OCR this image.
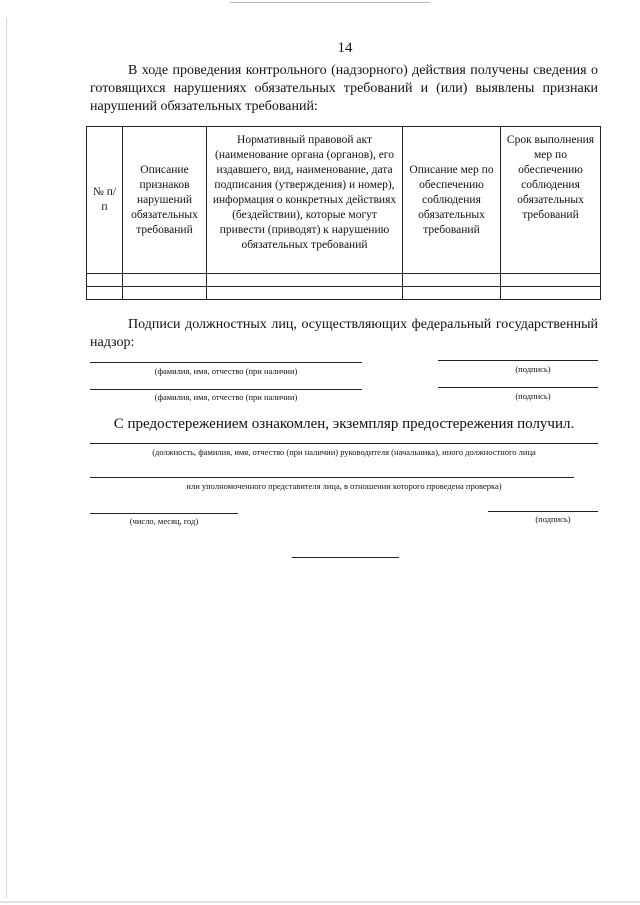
14

В ходе проведения контрольного (надзорного) действия получены сведения о готовящихся нарушениях обязательных требований и (или) выявлены признаки нарушений обязательных требований:

№ п/п	Описание признаков нарушений обязательных требований	Нормативный правовой акт (наименование органа (органов), его издавшего, вид, наименование, дата подписания (утверждения) и номер), информация о конкретных действиях (бездействии), которые могут привести (приводят) к нарушению обязательных требований	Описание мер по обеспечению соблюдения обязательных требований	Срок выполнения мер по обеспечению соблюдения обязательных требований

Подписи должностных лиц, осуществляющих федеральный государственный надзор:

(фамилия, имя, отчество (при наличии)	(подпись)
(фамилия, имя, отчество (при наличии)	(подпись)
С предостережением ознакомлен, экземпляр предостережения получил.
(должность, фамилия, имя, отчество (при наличии) руководителя (начальника), иного должностного лица
или уполномоченного представителя лица, в отношении которого проведена проверка)
(число, месяц, год)	(подпись)
